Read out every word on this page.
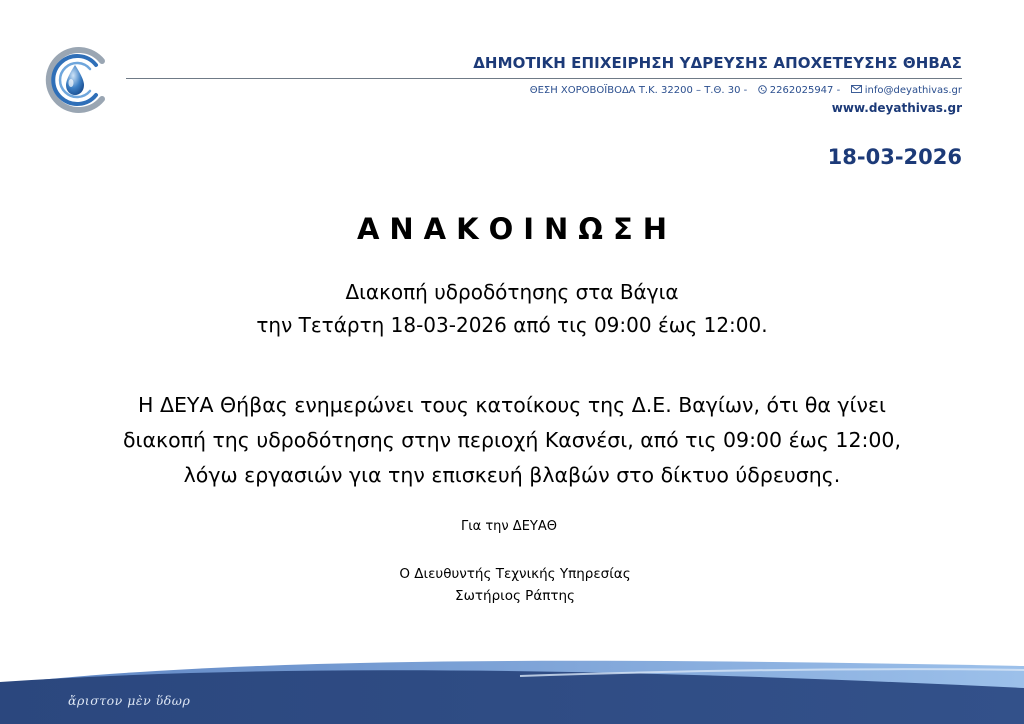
ΔΗΜΟΤΙΚΗ ΕΠΙΧΕΙΡΗΣΗ ΥΔΡΕΥΣΗΣ ΑΠΟΧΕΤΕΥΣΗΣ ΘΗΒΑΣ
ΘΕΣΗ ΧΟΡΟΒΟΪΒΟΔΑ Τ.Κ. 32200 – Τ.Θ. 30 - 2262025947 - info@deyathivas.gr
www.deyathivas.gr
18-03-2026
ΑΝΑΚΟΙΝΩΣΗ
Διακοπή υδροδότησης στα Βάγια
την Τετάρτη 18-03-2026 από τις 09:00 έως 12:00.
Η ΔΕΥΑ Θήβας ενημερώνει τους κατοίκους της Δ.Ε. Βαγίων, ότι θα γίνει
διακοπή της υδροδότησης στην περιοχή Κασνέσι, από τις 09:00 έως 12:00,
λόγω εργασιών για την επισκευή βλαβών στο δίκτυο ύδρευσης.
Για την ΔΕΥΑΘ
Ο Διευθυντής Τεχνικής Υπηρεσίας
Σωτήριος Ράπτης
ἄριστον μὲν ὕδωρ
